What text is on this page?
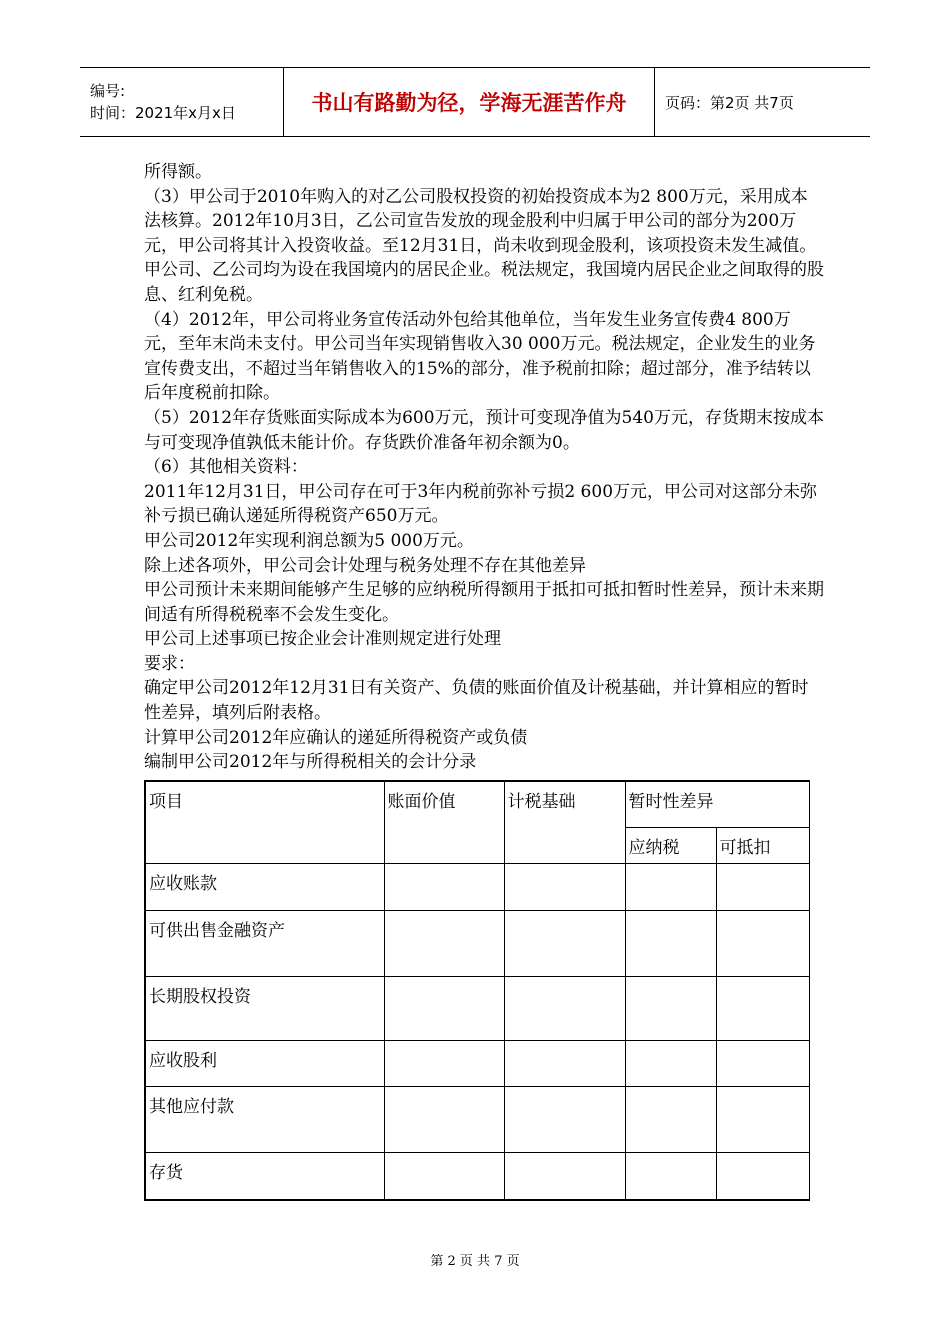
编号:
时间：2021年x月x日	书山有路勤为径，学海无涯苦作舟	页码：第2页 共7页

所得额。

（3）甲公司于2010年购入的对乙公司股权投资的初始投资成本为2 800万元，采用成本法核算。2012年10月3日，乙公司宣告发放的现金股利中归属于甲公司的部分为200万元，甲公司将其计入投资收益。至12月31日，尚未收到现金股利，该项投资未发生减值。甲公司、乙公司均为设在我国境内的居民企业。税法规定，我国境内居民企业之间取得的股息、红利免税。

（4）2012年，甲公司将业务宣传活动外包给其他单位，当年发生业务宣传费4 800万元，至年末尚未支付。甲公司当年实现销售收入30 000万元。税法规定，企业发生的业务宣传费支出，不超过当年销售收入的15%的部分，准予税前扣除；超过部分，准予结转以后年度税前扣除。

（5）2012年存货账面实际成本为600万元，预计可变现净值为540万元，存货期末按成本与可变现净值孰低未能计价。存货跌价准备年初余额为0。

（6）其他相关资料：

2011年12月31日，甲公司存在可于3年内税前弥补亏损2 600万元，甲公司对这部分未弥补亏损已确认递延所得税资产650万元。

甲公司2012年实现利润总额为5 000万元。

除上述各项外，甲公司会计处理与税务处理不存在其他差异

甲公司预计未来期间能够产生足够的应纳税所得额用于抵扣可抵扣暂时性差异，预计未来期间适有所得税税率不会发生变化。

甲公司上述事项已按企业会计准则规定进行处理

要求：

确定甲公司2012年12月31日有关资产、负债的账面价值及计税基础，并计算相应的暂时性差异，填列后附表格。

计算甲公司2012年应确认的递延所得税资产或负债

编制甲公司2012年与所得税相关的会计分录

项目	账面价值	计税基础	暂时性差异	
			应纳税	可抵扣
应收账款				
可供出售金融资产				
长期股权投资				
应收股利				
其他应付款				
存货				
第 2 页 共 7 页
